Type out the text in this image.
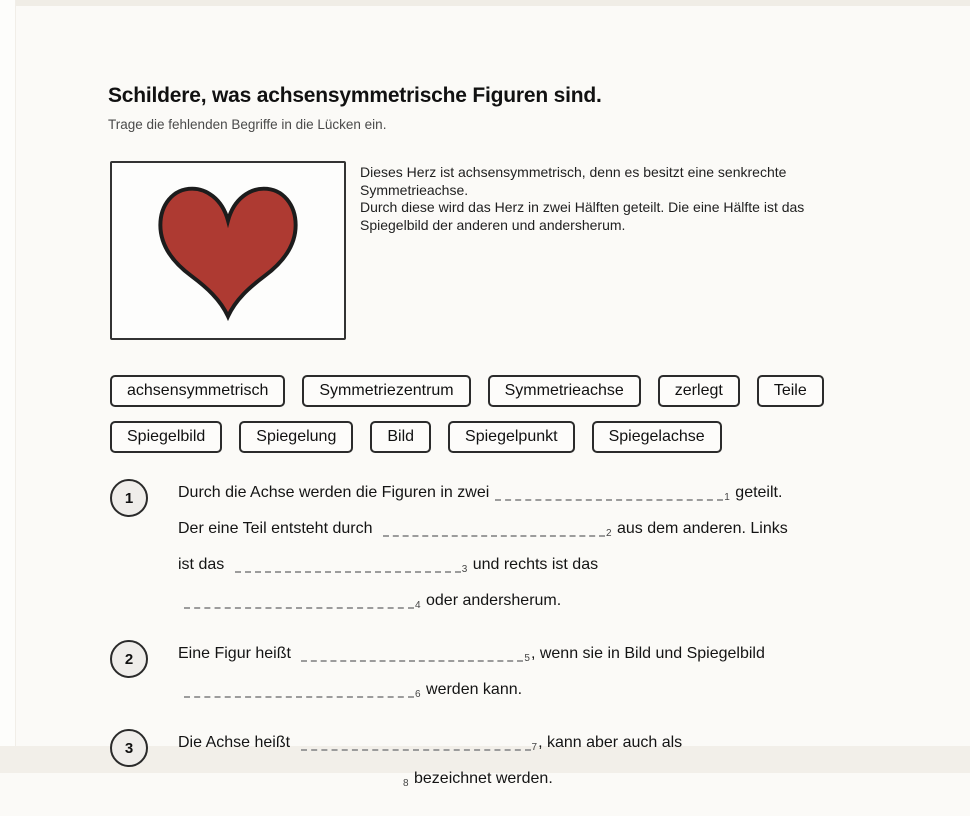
Schildere, was achsensymmetrische Figuren sind.
Trage die fehlenden Begriffe in die Lücken ein.
Dieses Herz ist achsensymmetrisch, denn es besitzt eine senkrechte
Symmetrieachse.
Durch diese wird das Herz in zwei Hälften geteilt. Die eine Hälfte ist das
Spiegelbild der anderen und andersherum.
achsensymmetrisch	Symmetriezentrum	Symmetrieachse	zerlegt	Teile
Spiegelbild	Spiegelung	Bild	Spiegelpunkt	Spiegelachse
1	Durch die Achse werden die Figuren in zwei	1 geteilt.
Der eine Teil entsteht durch	2 aus dem anderen. Links
ist das	3 und rechts ist das
4 oder andersherum.
2	Eine Figur heißt	5, wenn sie in Bild und Spiegelbild
6 werden kann.
3	Die Achse heißt	7, kann aber auch als
8 bezeichnet werden.
